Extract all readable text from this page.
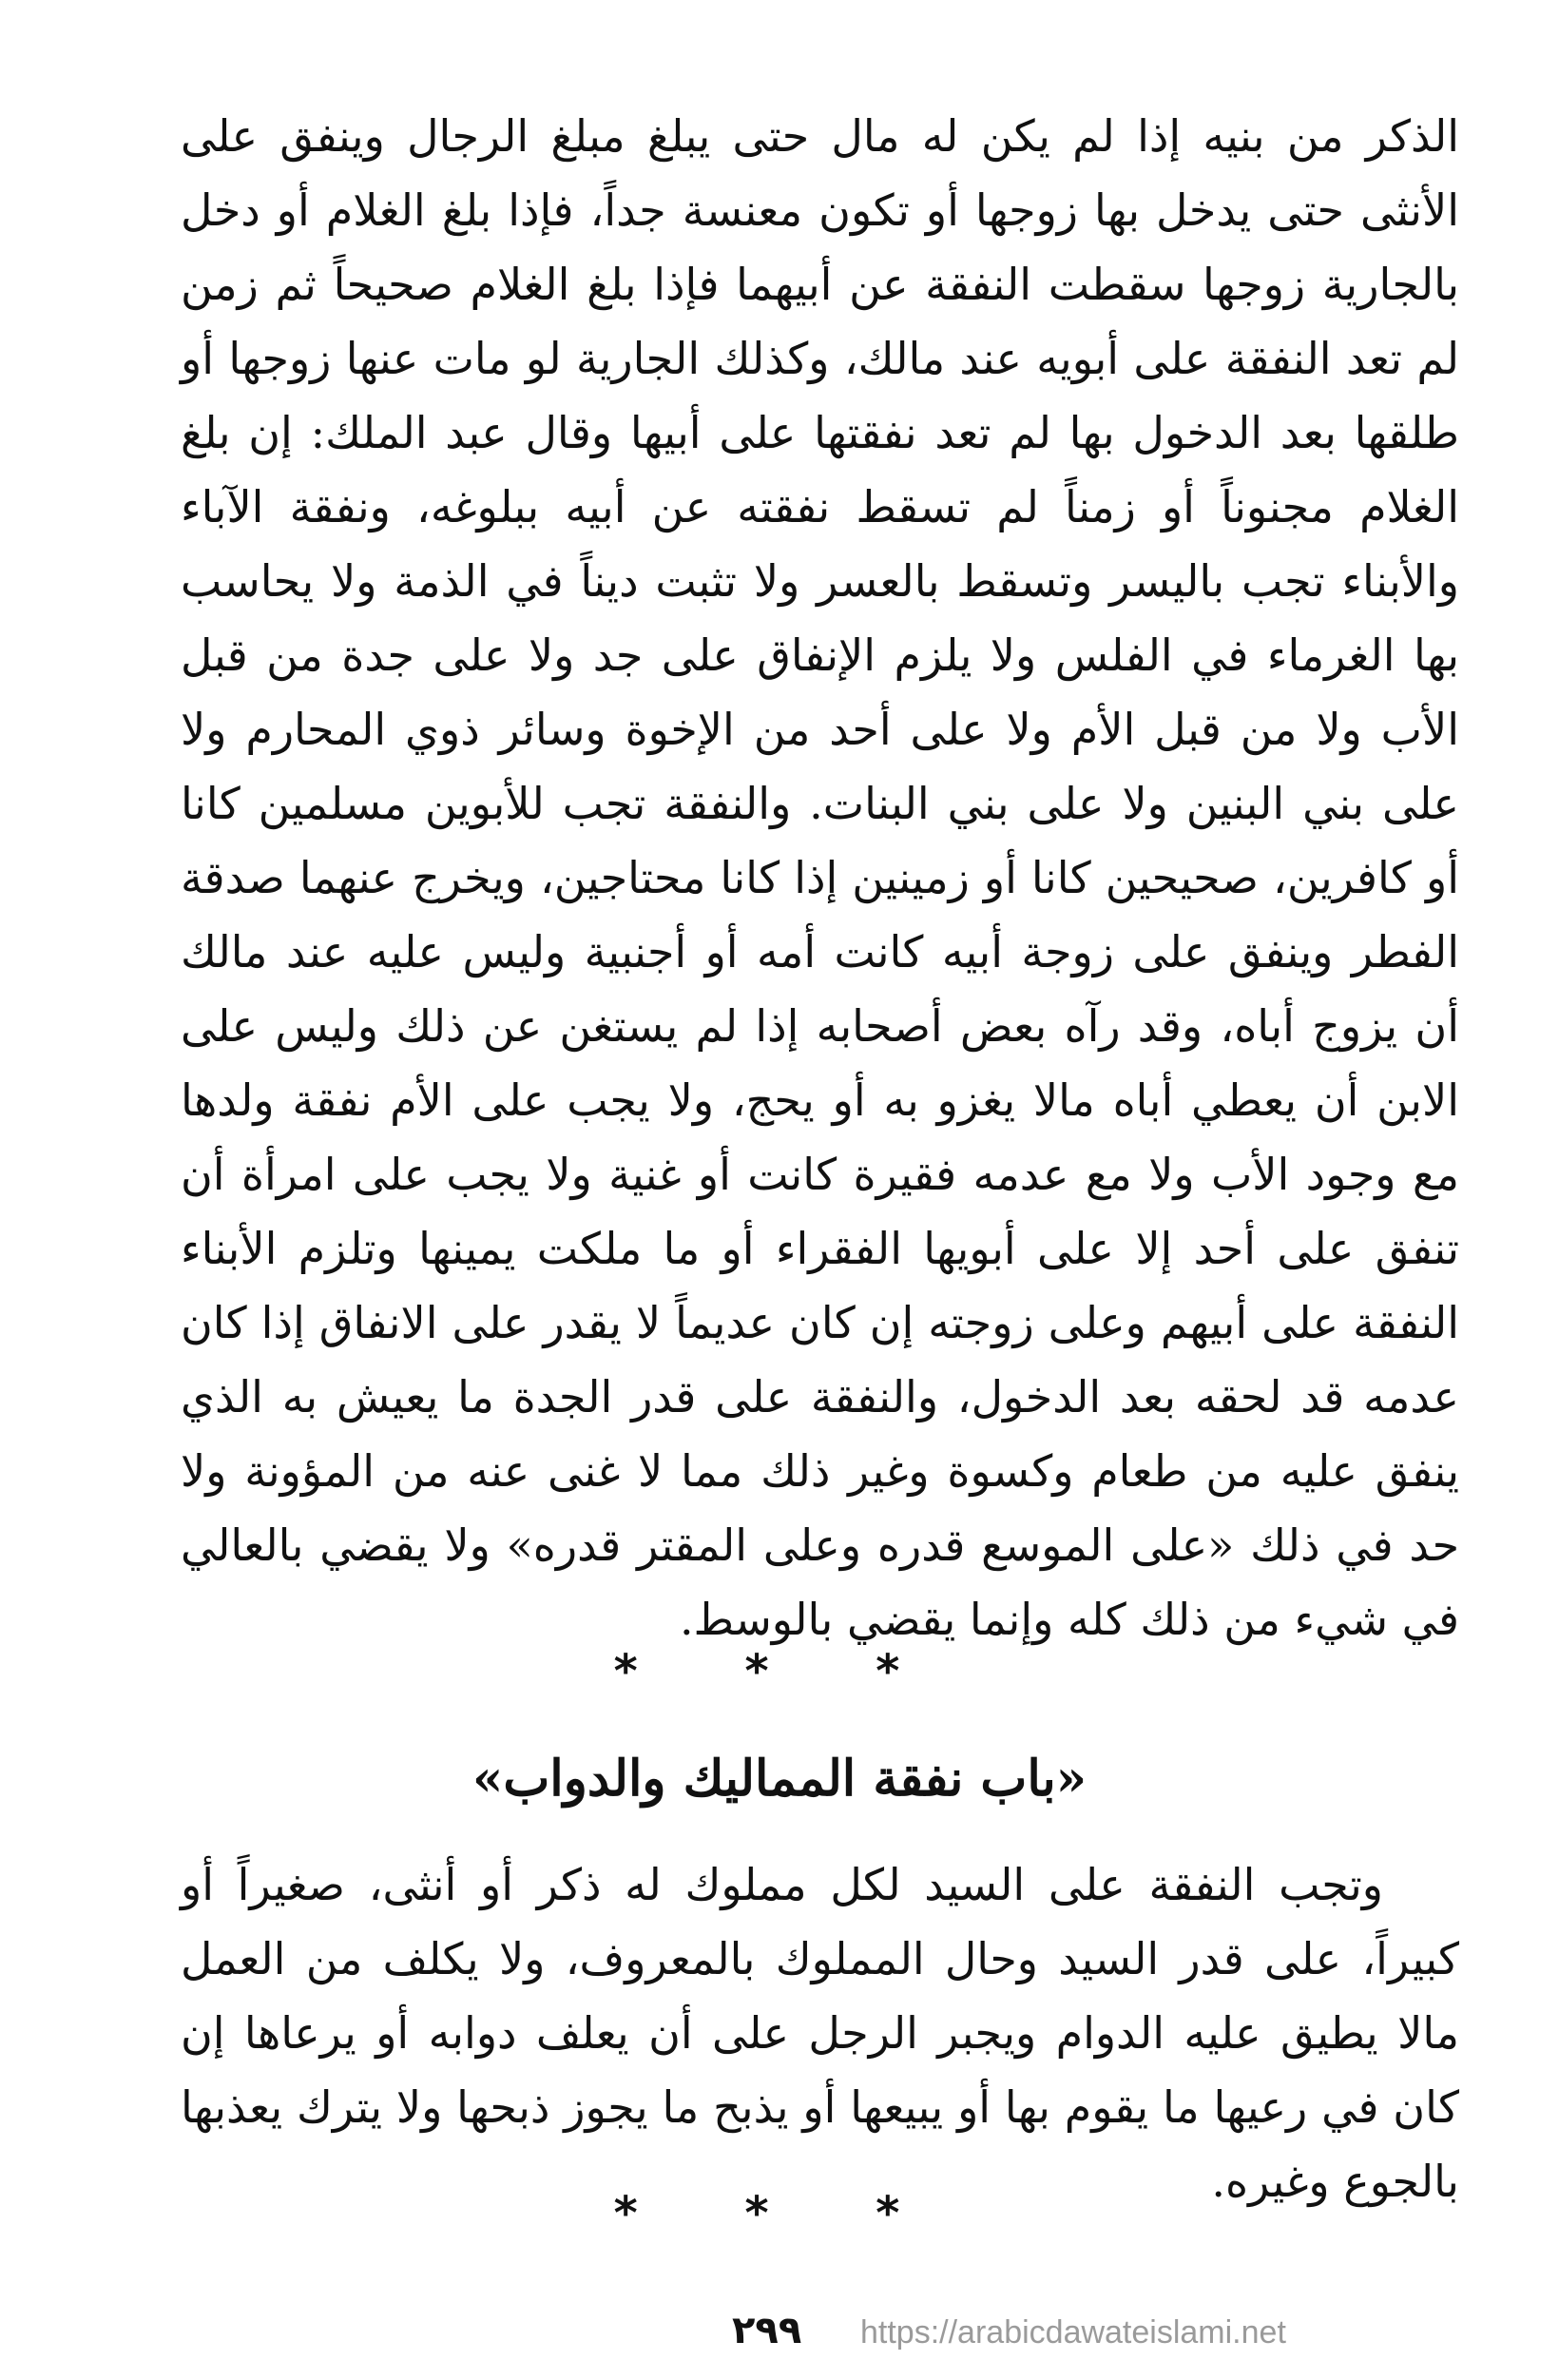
الذكر من بنيه إذا لم يكن له مال حتى يبلغ مبلغ الرجال وينفق على الأنثى حتى يدخل بها زوجها أو تكون معنسة جداً، فإذا بلغ الغلام أو دخل بالجارية زوجها سقطت النفقة عن أبيهما فإذا بلغ الغلام صحيحاً ثم زمن لم تعد النفقة على أبويه عند مالك، وكذلك الجارية لو مات عنها زوجها أو طلقها بعد الدخول بها لم تعد نفقتها على أبيها وقال عبد الملك: إن بلغ الغلام مجنوناً أو زمناً لم تسقط نفقته عن أبيه ببلوغه، ونفقة الآباء والأبناء تجب باليسر وتسقط بالعسر ولا تثبت ديناً في الذمة ولا يحاسب بها الغرماء في الفلس ولا يلزم الإنفاق على جد ولا على جدة من قبل الأب ولا من قبل الأم ولا على أحد من الإخوة وسائر ذوي المحارم ولا على بني البنين ولا على بني البنات. والنفقة تجب للأبوين مسلمين كانا أو كافرين، صحيحين كانا أو زمينين إذا كانا محتاجين، ويخرج عنهما صدقة الفطر وينفق على زوجة أبيه كانت أمه أو أجنبية وليس عليه عند مالك أن يزوج أباه، وقد رآه بعض أصحابه إذا لم يستغن عن ذلك وليس على الابن أن يعطي أباه مالا يغزو به أو يحج، ولا يجب على الأم نفقة ولدها مع وجود الأب ولا مع عدمه فقيرة كانت أو غنية ولا يجب على امرأة أن تنفق على أحد إلا على أبويها الفقراء أو ما ملكت يمينها وتلزم الأبناء النفقة على أبيهم وعلى زوجته إن كان عديماً لا يقدر على الانفاق إذا كان عدمه قد لحقه بعد الدخول، والنفقة على قدر الجدة ما يعيش به الذي ينفق عليه من طعام وكسوة وغير ذلك مما لا غنى عنه من المؤونة ولا حد في ذلك «على الموسع قدره وعلى المقتر قدره» ولا يقضي بالعالي في شيء من ذلك كله وإنما يقضي بالوسط.

* * *
«باب نفقة المماليك والدواب»

وتجب النفقة على السيد لكل مملوك له ذكر أو أنثى، صغيراً أو كبيراً، على قدر السيد وحال المملوك بالمعروف، ولا يكلف من العمل مالا يطيق عليه الدوام ويجبر الرجل على أن يعلف دوابه أو يرعاها إن كان في رعيها ما يقوم بها أو يبيعها أو يذبح ما يجوز ذبحها ولا يترك يعذبها بالجوع وغيره.

* * *
٢٩٩ https://arabicdawateislami.net
